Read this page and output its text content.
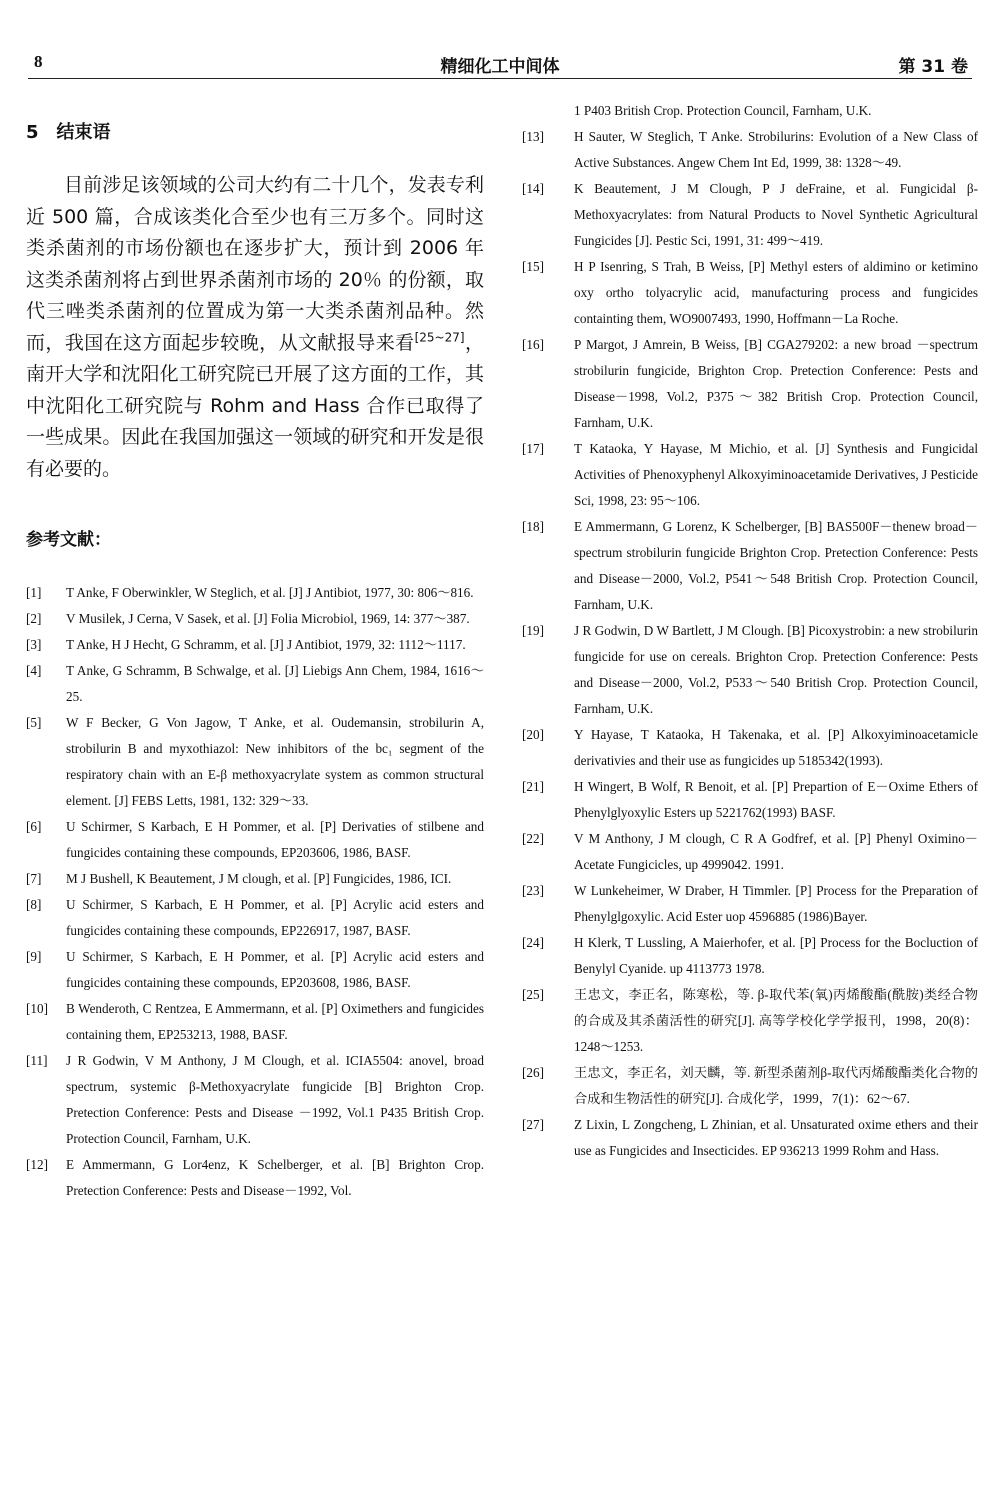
8	精细化工中间体	第 31 卷
5 结束语

目前涉足该领域的公司大约有二十几个，发表专利近 500 篇，合成该类化合至少也有三万多个。同时这类杀菌剂的市场份额也在逐步扩大，预计到 2006 年这类杀菌剂将占到世界杀菌剂市场的 20％ 的份额，取代三唑类杀菌剂的位置成为第一大类杀菌剂品种。然而，我国在这方面起步较晚，从文献报导来看[25~27]，南开大学和沈阳化工研究院已开展了这方面的工作，其中沈阳化工研究院与 Rohm and Hass 合作已取得了一些成果。因此在我国加强这一领域的研究和开发是很有必要的。

参考文献：
[1]	T Anke, F Oberwinkler, W Steglich, et al. [J] J Antibiot, 1977, 30: 806～816.
[2]	V Musilek, J Cerna, V Sasek, et al. [J] Folia Microbiol, 1969, 14: 377～387.
[3]	T Anke, H J Hecht, G Schramm, et al. [J] J Antibiot, 1979, 32: 1112～1117.
[4]	T Anke, G Schramm, B Schwalge, et al. [J] Liebigs Ann Chem, 1984, 1616～25.
[5]	W F Becker, G Von Jagow, T Anke, et al. Oudemansin, strobilurin A, strobilurin B and myxothiazol: New inhibitors of the bc₁ segment of the respiratory chain with an E-β methoxyacrylate system as common structural element. [J] FEBS Letts, 1981, 132: 329～33.
[6]	U Schirmer, S Karbach, E H Pommer, et al. [P] Derivaties of stilbene and fungicides containing these compounds, EP203606, 1986, BASF.
[7]	M J Bushell, K Beautement, J M clough, et al. [P] Fungicides, 1986, ICI.
[8]	U Schirmer, S Karbach, E H Pommer, et al. [P] Acrylic acid esters and fungicides containing these compounds, EP226917, 1987, BASF.
[9]	U Schirmer, S Karbach, E H Pommer, et al. [P] Acrylic acid esters and fungicides containing these compounds, EP203608, 1986, BASF.
[10]	B Wenderoth, C Rentzea, E Ammermann, et al. [P] Oximethers and fungicides containing them, EP253213, 1988, BASF.
[11]	J R Godwin, V M Anthony, J M Clough, et al. ICIA5504: anovel, broad spectrum, systemic β-Methoxyacrylate fungicide [B] Brighton Crop. Pretection Conference: Pests and Disease －1992, Vol.1 P435 British Crop. Protection Council, Farnham, U.K.
[12]	E Ammermann, G Lor4enz, K Schelberger, et al. [B] Brighton Crop. Pretection Conference: Pests and Disease－1992, Vol.
1 P403 British Crop. Protection Council, Farnham, U.K.
[13]	H Sauter, W Steglich, T Anke. Strobilurins: Evolution of a New Class of Active Substances. Angew Chem Int Ed, 1999, 38: 1328～49.
[14]	K Beautement, J M Clough, P J deFraine, et al. Fungicidal β-Methoxyacrylates: from Natural Products to Novel Synthetic Agricultural Fungicides [J]. Pestic Sci, 1991, 31: 499～419.
[15]	H P Isenring, S Trah, B Weiss, [P] Methyl esters of aldimino or ketimino oxy ortho tolyacrylic acid, manufacturing process and fungicides containting them, WO9007493, 1990, Hoffmann－La Roche.
[16]	P Margot, J Amrein, B Weiss, [B] CGA279202: a new broad －spectrum strobilurin fungicide, Brighton Crop. Pretection Conference: Pests and Disease－1998, Vol.2, P375～382 British Crop. Protection Council, Farnham, U.K.
[17]	T Kataoka, Y Hayase, M Michio, et al. [J] Synthesis and Fungicidal Activities of Phenoxyphenyl Alkoxyiminoacetamide Derivatives, J Pesticide Sci, 1998, 23: 95～106.
[18]	E Ammermann, G Lorenz, K Schelberger, [B] BAS500F－thenew broad－spectrum strobilurin fungicide Brighton Crop. Pretection Conference: Pests and Disease－2000, Vol.2, P541～548 British Crop. Protection Council, Farnham, U.K.
[19]	J R Godwin, D W Bartlett, J M Clough. [B] Picoxystrobin: a new strobilurin fungicide for use on cereals. Brighton Crop. Pretection Conference: Pests and Disease－2000, Vol.2, P533～540 British Crop. Protection Council, Farnham, U.K.
[20]	Y Hayase, T Kataoka, H Takenaka, et al. [P] Alkoxyiminoacetamicle derivativies and their use as fungicides up 5185342(1993).
[21]	H Wingert, B Wolf, R Benoit, et al. [P] Prepartion of E－Oxime Ethers of Phenylglyoxylic Esters up 5221762(1993) BASF.
[22]	V M Anthony, J M clough, C R A Godfref, et al. [P] Phenyl Oximino－Acetate Fungicicles, up 4999042. 1991.
[23]	W Lunkeheimer, W Draber, H Timmler. [P] Process for the Preparation of Phenylglgoxylic. Acid Ester uop 4596885 (1986)Bayer.
[24]	H Klerk, T Lussling, A Maierhofer, et al. [P] Process for the Bocluction of Benylyl Cyanide. up 4113773 1978.
[25]	王忠文，李正名，陈寒松，等. β-取代苯(氧)丙烯酸酯(酰胺)类经合物的合成及其杀菌活性的研究[J]. 高等学校化学学报刊，1998，20(8)：1248～1253.
[26]	王忠文，李正名，刘天麟，等. 新型杀菌剂β-取代丙烯酸酯类化合物的合成和生物活性的研究[J]. 合成化学，1999，7(1)：62～67.
[27]	Z Lixin, L Zongcheng, L Zhinian, et al. Unsaturated oxime ethers and their use as Fungicides and Insecticides. EP 936213 1999 Rohm and Hass.
